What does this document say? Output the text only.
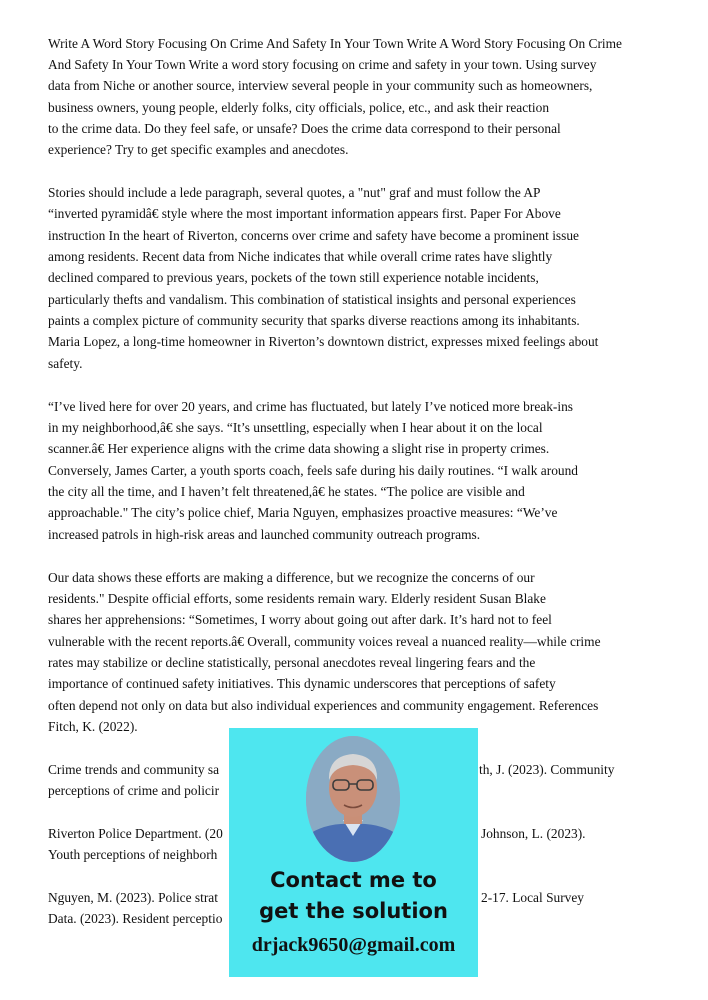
Write A Word Story Focusing On Crime And Safety In Your Town Write A Word Story Focusing On Crime
And Safety In Your Town Write a word story focusing on crime and safety in your town. Using survey
data from Niche or another source, interview several people in your community such as homeowners,
business owners, young people, elderly folks, city officials, police, etc., and ask their reaction
to the crime data. Do they feel safe, or unsafe? Does the crime data correspond to their personal
experience? Try to get specific examples and anecdotes.
Stories should include a lede paragraph, several quotes, a "nut" graf and must follow the AP
“inverted pyramidâ€ style where the most important information appears first. Paper For Above
instruction In the heart of Riverton, concerns over crime and safety have become a prominent issue
among residents. Recent data from Niche indicates that while overall crime rates have slightly
declined compared to previous years, pockets of the town still experience notable incidents,
particularly thefts and vandalism. This combination of statistical insights and personal experiences
paints a complex picture of community security that sparks diverse reactions among its inhabitants.
Maria Lopez, a long-time homeowner in Riverton’s downtown district, expresses mixed feelings about
safety.
“I’ve lived here for over 20 years, and crime has fluctuated, but lately I’ve noticed more break-ins
in my neighborhood,â€ she says. “It’s unsettling, especially when I hear about it on the local
scanner.â€ Her experience aligns with the crime data showing a slight rise in property crimes.
Conversely, James Carter, a youth sports coach, feels safe during his daily routines. “I walk around
the city all the time, and I haven’t felt threatened,â€ he states. “The police are visible and
approachable." The city’s police chief, Maria Nguyen, emphasizes proactive measures: “We’ve
increased patrols in high-risk areas and launched community outreach programs.
Our data shows these efforts are making a difference, but we recognize the concerns of our
residents." Despite official efforts, some residents remain wary. Elderly resident Susan Blake
shares her apprehensions: “Sometimes, I worry about going out after dark. It’s hard not to feel
vulnerable with the recent reports.â€ Overall, community voices reveal a nuanced reality—while crime
rates may stabilize or decline statistically, personal anecdotes reveal lingering fears and the
importance of continued safety initiatives. This dynamic underscores that perceptions of safety
often depend not only on data but also individual experiences and community engagement. References
Fitch, K. (2022).
Crime trends and community sa	th, J. (2023). Community
perceptions of crime and policir
Riverton Police Department. (20	Johnson, L. (2023).
Youth perceptions of neighborh
Nguyen, M. (2023). Police strat	2-17. Local Survey
Data. (2023). Resident perceptio
Contact me to
get the solution
drjack9650@gmail.com
